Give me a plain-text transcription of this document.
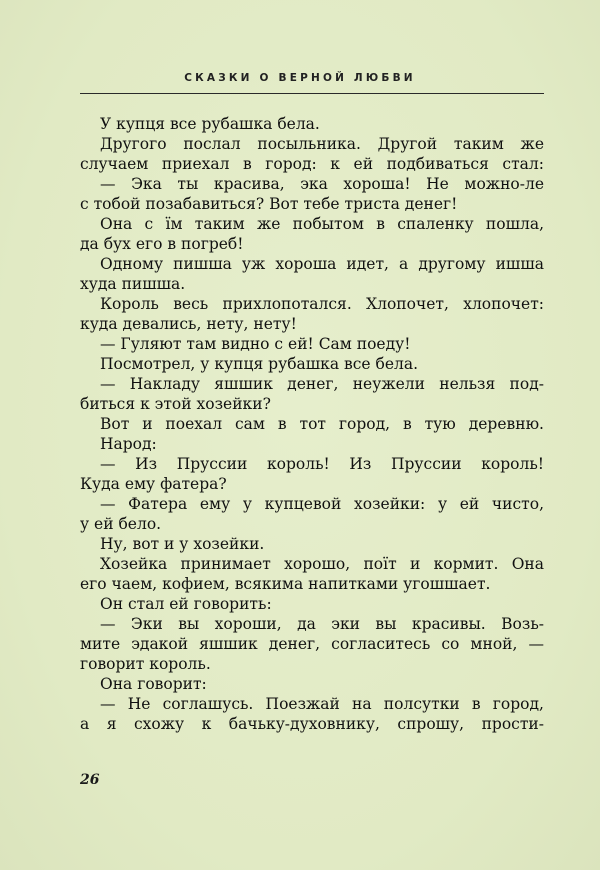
СКАЗКИ О ВЕРНОЙ ЛЮБВИ
У купця все рубашка бела.
Другого послал посыльника. Другой таким же
случаем приехал в город: к ей подбиваться стал:
— Эка ты красива, эка хороша! Не можно-ле
с тобой позабавиться? Вот тебе триста денег!
Она с їм таким же побытом в спаленку пошла,
да бух его в погреб!
Одному пишша уж хороша идет, а другому ишша
худа пишша.
Король весь прихлопотался. Хлопочет, хлопочет:
куда девались, нету, нету!
— Гуляют там видно с ей! Сам поеду!
Посмотрел, у купця рубашка все бела.
— Накладу яшшик денег, неужели нельзя под-
биться к этой хозейки?
Вот и поехал сам в тот город, в тую деревню.
Народ:
— Из Пруссии король! Из Пруссии король!
Куда ему фатера?
— Фатера ему у купцевой хозейки: у ей чисто,
у ей бело.
Ну, вот и у хозейки.
Хозейка принимает хорошо, поїт и кормит. Она
его чаем, кофием, всякима напитками угошшает.
Он стал ей говорить:
— Эки вы хороши, да эки вы красивы. Возь-
мите эдакой яшшик денег, согласитесь со мной, —
говорит король.
Она говорит:
— Не соглашусь. Поезжай на полсутки в город,
а я схожу к бачьку-духовнику, спрошу, прости-
26
